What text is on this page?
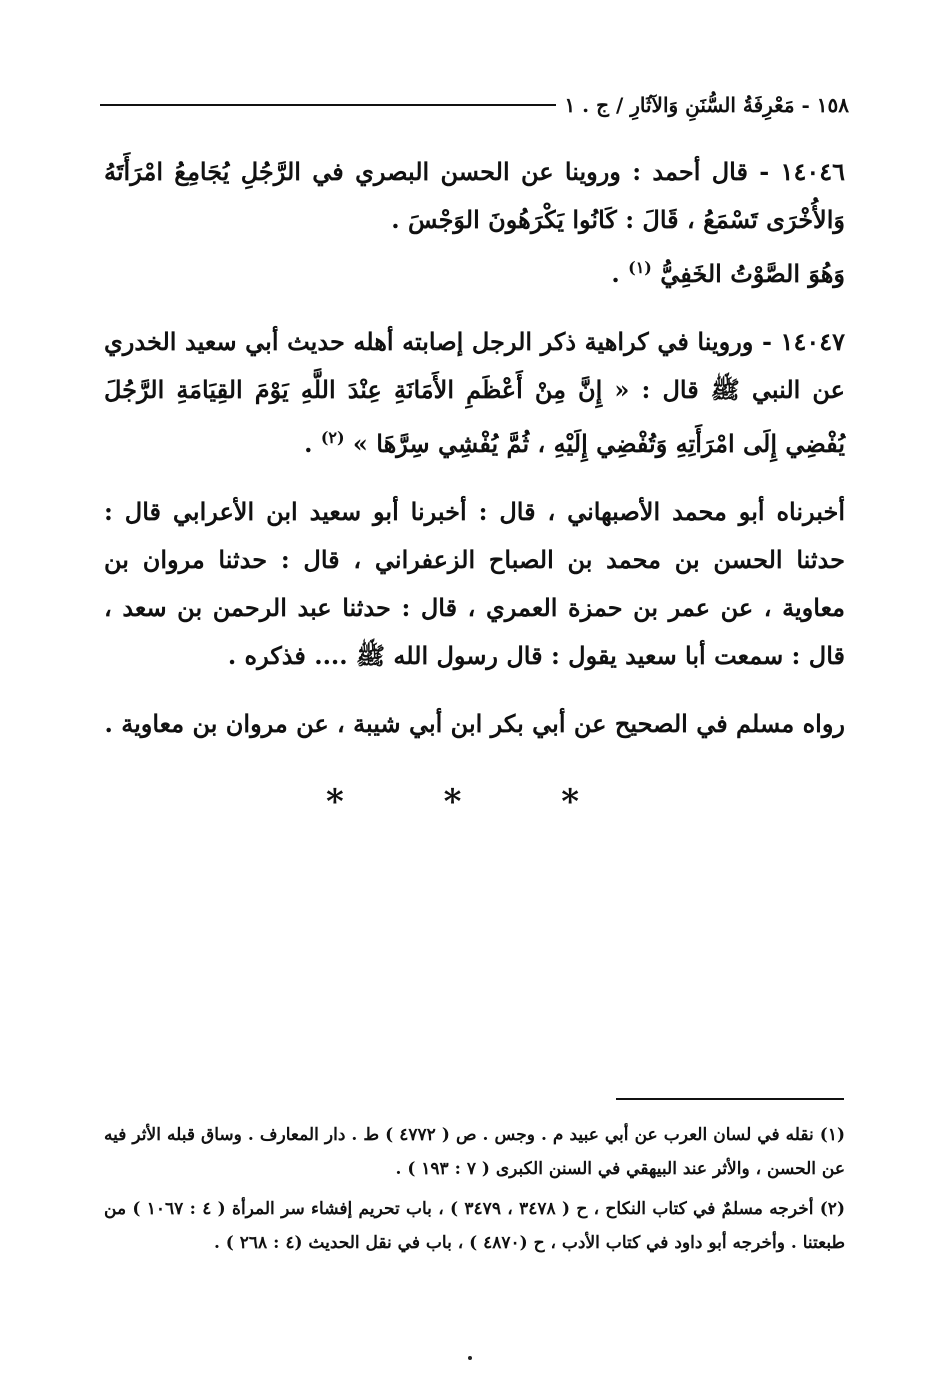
١٥٨ - مَعْرِفَةُ السُّنَنِ وَالآثَارِ / ج . ١

١٤٠٤٦ - قال أحمد : وروينا عن الحسن البصري في الرَّجُلِ يُجَامِعُ امْرَأَتَهُ وَالأُخْرَى تَسْمَعُ ، قَالَ : كَانُوا يَكْرَهُونَ الوَجْسَ .

وَهُوَ الصَّوْتُ الخَفِيُّ $^{(١)}$ .

١٤٠٤٧ - وروينا في كراهية ذكر الرجل إصابته أهله حديث أبي سعيد الخدري عن النبي ﷺ قال : « إِنَّ مِنْ أَعْظَمِ الأَمَانَةِ عِنْدَ اللَّهِ يَوْمَ القِيَامَةِ الرَّجُلَ يُفْضِي إِلَى امْرَأَتِهِ وَتُفْضِي إِلَيْهِ ، ثُمَّ يُفْشِي سِرَّهَا » $^{(٢)}$ .

أخبرناه أبو محمد الأصبهاني ، قال : أخبرنا أبو سعيد ابن الأعرابي قال : حدثنا الحسن بن محمد بن الصباح الزعفراني ، قال : حدثنا مروان بن معاوية ، عن عمر بن حمزة العمري ، قال : حدثنا عبد الرحمن بن سعد ، قال : سمعت أبا سعيد يقول : قال رسول الله ﷺ .... فذكره .

رواه مسلم في الصحيح عن أبي بكر ابن أبي شيبة ، عن مروان بن معاوية .

* * *

(١) نقله في لسان العرب عن أبي عبيد م . وجس . ص ( ٤٧٧٢ ) ط . دار المعارف . وساق قبله الأثر فيه عن الحسن ، والأثر عند البيهقي في السنن الكبرى ( ٧ : ١٩٣ ) .

(٢) أخرجه مسلمٌ في كتاب النكاح ، ح ( ٣٤٧٨ ، ٣٤٧٩ ) ، باب تحريم إفشاء سر المرأة ( ٤ : ١٠٦٧ ) من طبعتنا . وأخرجه أبو داود في كتاب الأدب ، ح (٤٨٧٠ ) ، باب في نقل الحديث (٤ : ٢٦٨ ) .
